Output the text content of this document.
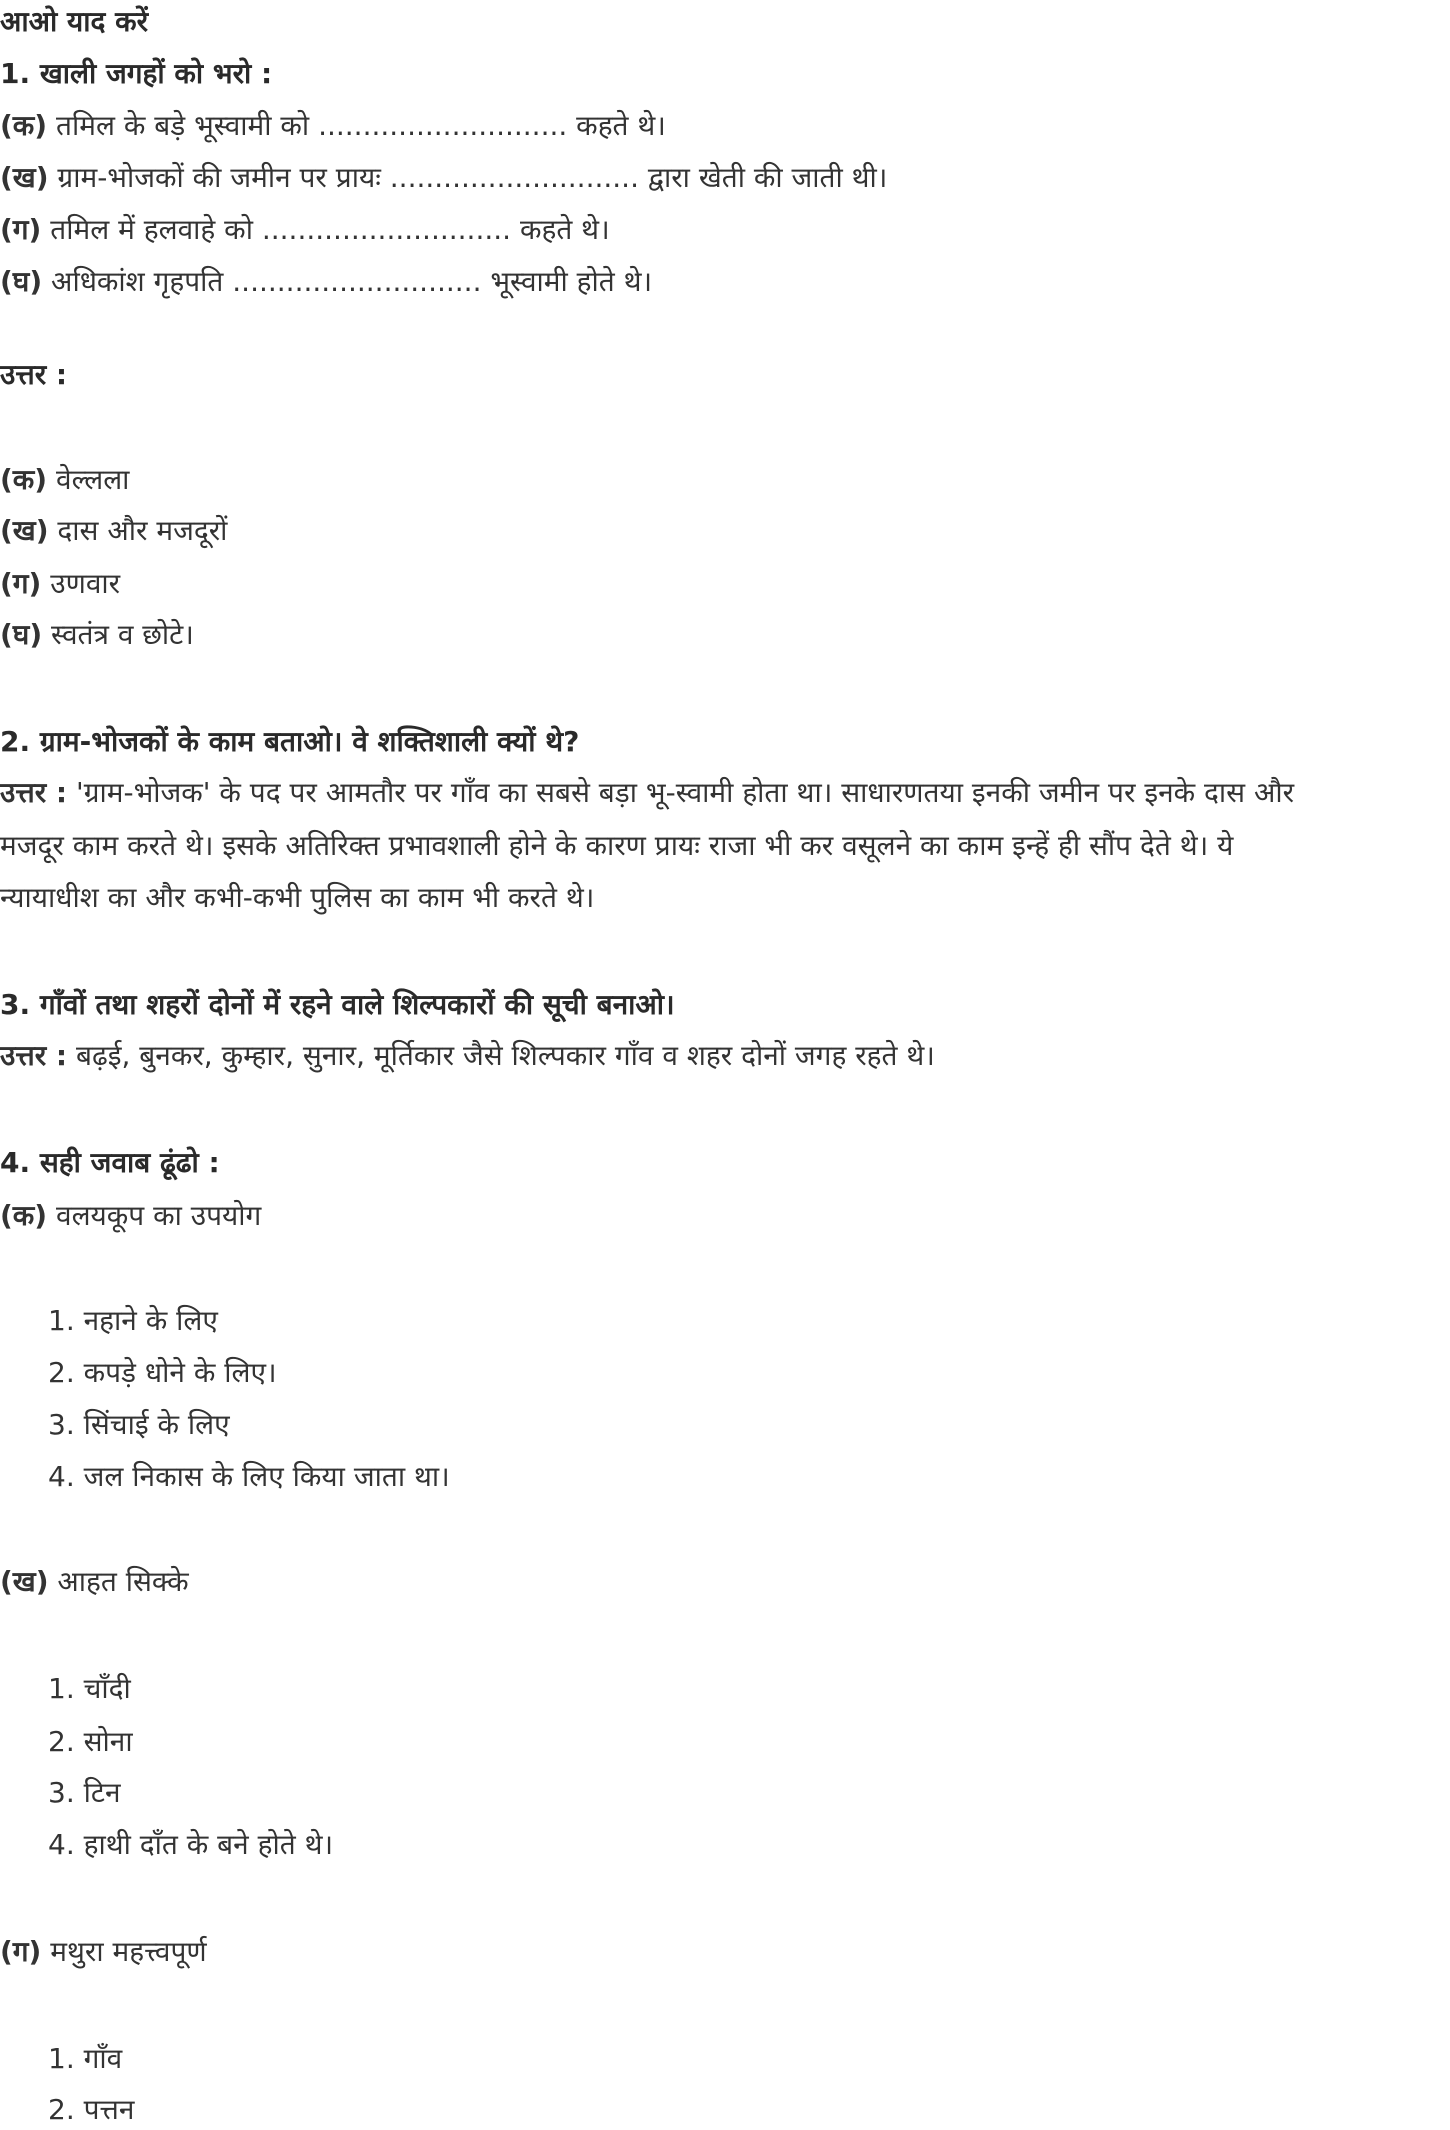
आओ याद करें
1. खाली जगहों को भरो :
(क) तमिल के बड़े भूस्वामी को ............................ कहते थे।
(ख) ग्राम-भोजकों की जमीन पर प्रायः ............................ द्वारा खेती की जाती थी।
(ग) तमिल में हलवाहे को ............................ कहते थे।
(घ) अधिकांश गृहपति ............................ भूस्वामी होते थे।
उत्तर :
(क) वेल्लला
(ख) दास और मजदूरों
(ग) उणवार
(घ) स्वतंत्र व छोटे।
2. ग्राम-भोजकों के काम बताओ। वे शक्तिशाली क्यों थे?
उत्तर : 'ग्राम-भोजक' के पद पर आमतौर पर गाँव का सबसे बड़ा भू-स्वामी होता था। साधारणतया इनकी जमीन पर इनके दास और
मजदूर काम करते थे। इसके अतिरिक्त प्रभावशाली होने के कारण प्रायः राजा भी कर वसूलने का काम इन्हें ही सौंप देते थे। ये
न्यायाधीश का और कभी-कभी पुलिस का काम भी करते थे।
3. गाँवों तथा शहरों दोनों में रहने वाले शिल्पकारों की सूची बनाओ।
उत्तर : बढ़ई, बुनकर, कुम्हार, सुनार, मूर्तिकार जैसे शिल्पकार गाँव व शहर दोनों जगह रहते थे।
4. सही जवाब ढूंढो :
(क) वलयकूप का उपयोग
1. नहाने के लिए
2. कपड़े धोने के लिए।
3. सिंचाई के लिए
4. जल निकास के लिए किया जाता था।
(ख) आहत सिक्के
1. चाँदी
2. सोना
3. टिन
4. हाथी दाँत के बने होते थे।
(ग) मथुरा महत्त्वपूर्ण
1. गाँव
2. पत्तन
